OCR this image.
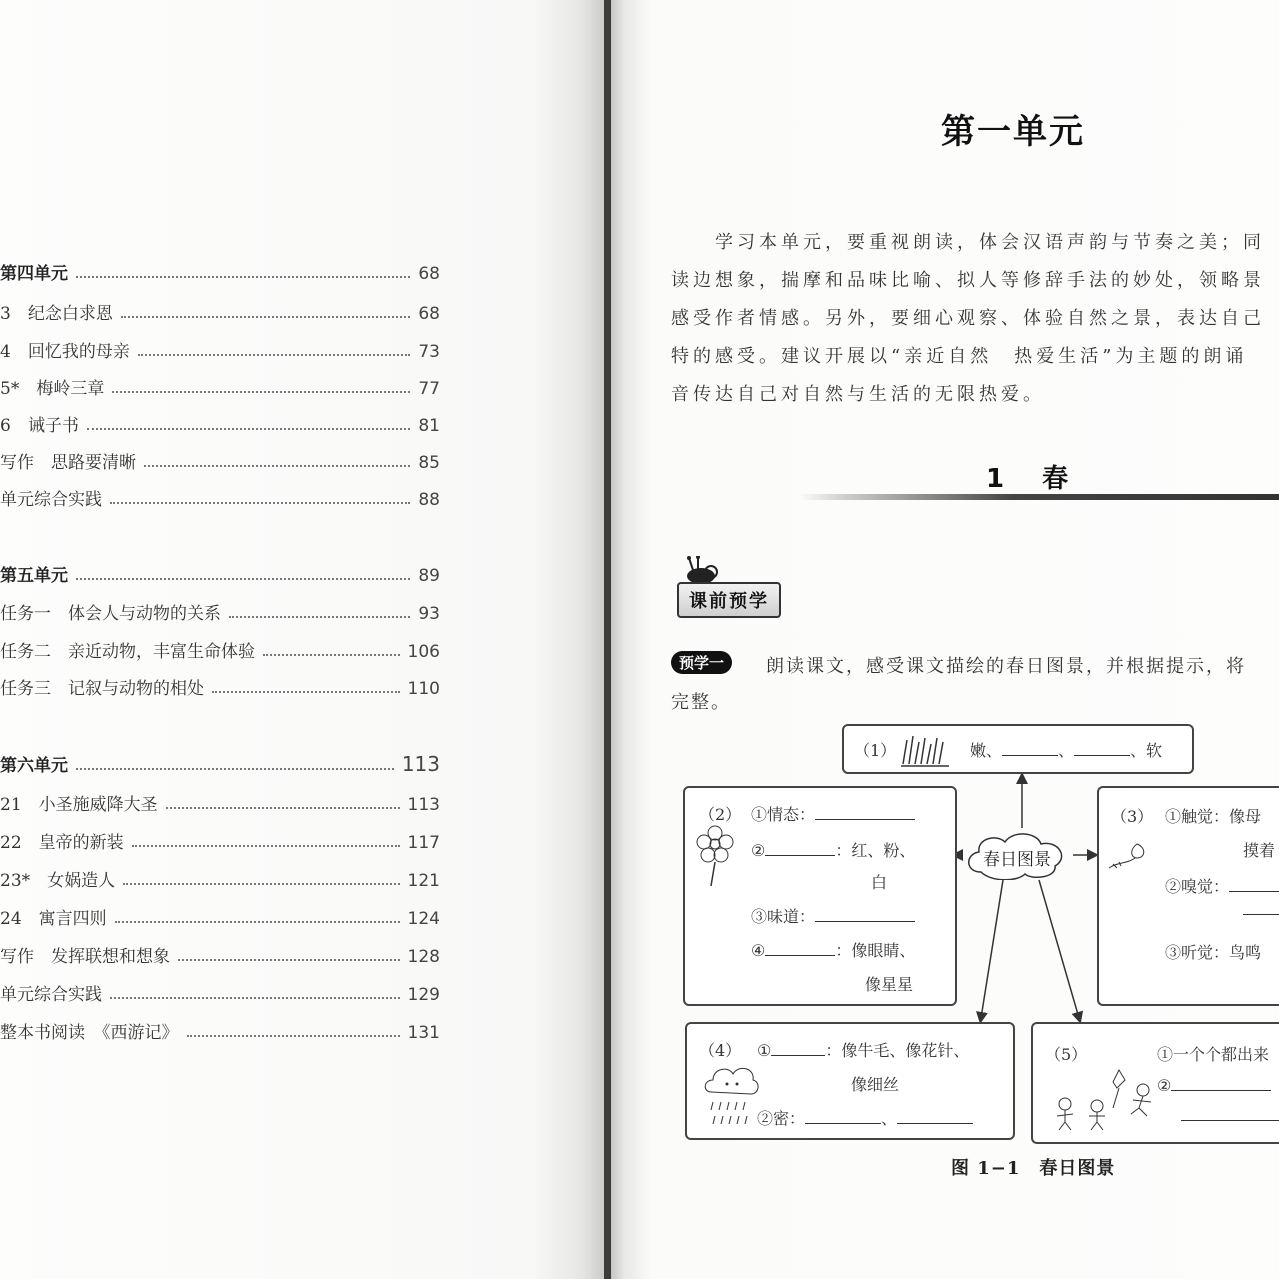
第四单元	68
3　纪念白求恩	68
4　回忆我的母亲	73
5*　梅岭三章	77
6　诫子书	81
写作　思路要清晰	85
单元综合实践	88
第五单元	89
任务一　体会人与动物的关系	93
任务二　亲近动物，丰富生命体验	106
任务三　记叙与动物的相处	110
第六单元	113
21　小圣施威降大圣	113
22　皇帝的新装	117
23*　女娲造人	121
24　寓言四则	124
写作　发挥联想和想象	128
单元综合实践	129
整本书阅读　《西游记》	131
第一单元
　　学习本单元，要重视朗读，体会汉语声韵与节奏之美；同
读边想象，揣摩和品味比喻、拟人等修辞手法的妙处，领略景
感受作者情感。另外，要细心观察、体验自然之景，表达自己
特的感受。建议开展以“亲近自然　热爱生活”为主题的朗诵
音传达自己对自然与生活的无限热爱。
1　春
课前预学
预学一	朗读课文，感受课文描绘的春日图景，并根据提示，将
完整。
（1）	嫩、	、	、软
（2） ①情态：
②	：红、粉、
白
③味道：
④	：像眼睛、
像星星
春日图景
（3） ①触觉：像母
摸着
②嗅觉：
③听觉：鸟鸣
（4） ①	：像牛毛、像花针、
像细丝
②密：	、
（5）	①一个个都出来
②
图 1−1　春日图景
